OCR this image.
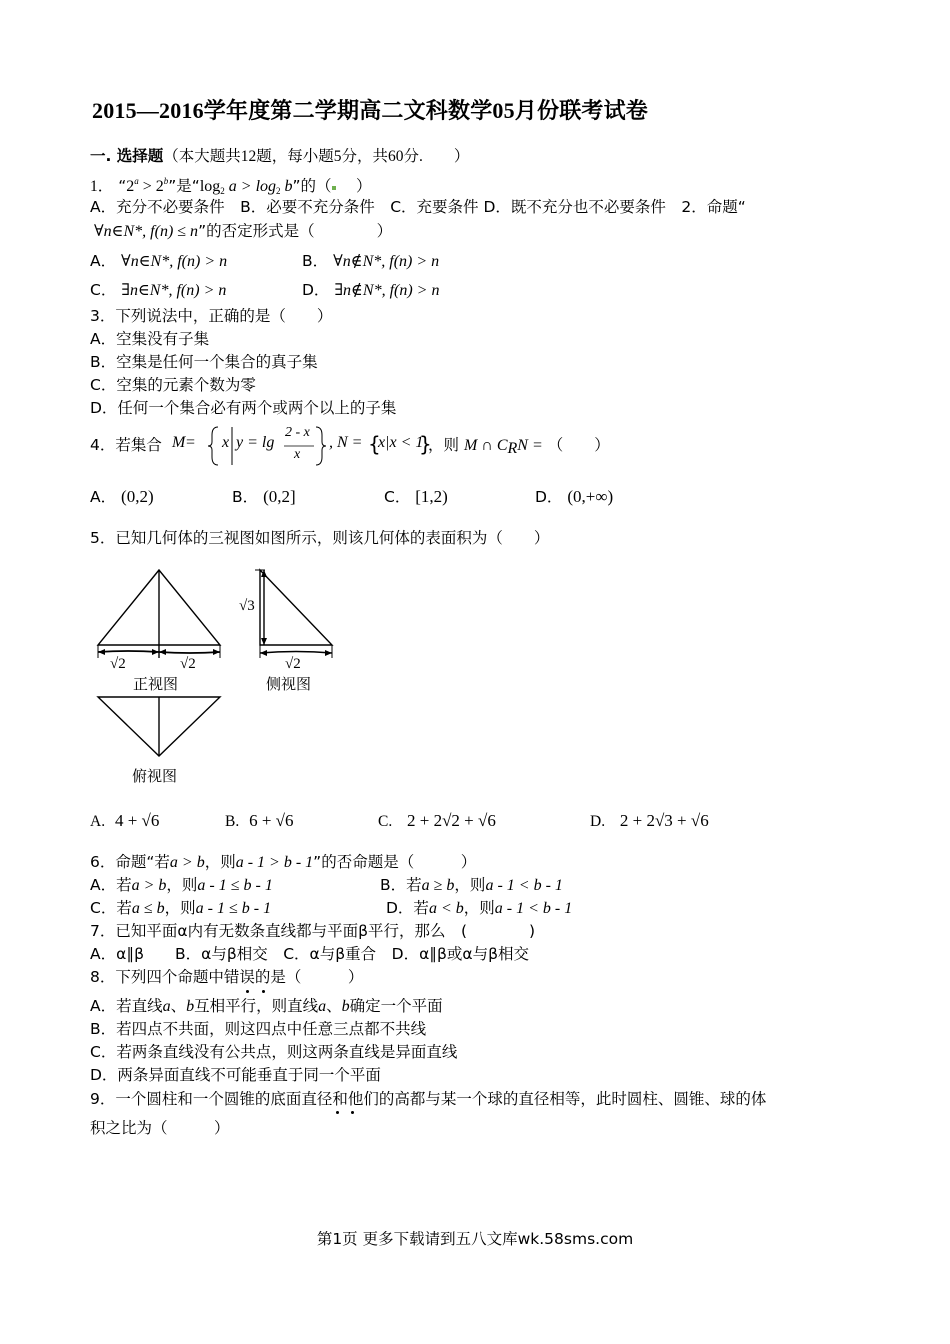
2015—2016学年度第二学期高二文科数学05月份联考试卷
一. 选择题（本大题共12题，每小题5分，共60分.　　）
1． “$2^a > 2^b$”是“$\log_2$ $a > \log_2 b$”的（　 ）
A．充分不必要条件　B．必要不充分条件　C．充要条件 D．既不充分也不必要条件　2．命题“
∀n∈N*, f(n) ≤ n”的否定形式是（　　　　）
A． ∀n∈N*, f(n) > n	B． ∀n∉N*, f(n) > n
C． ∃n∈N*, f(n) > n	D． ∃n∉N*, f(n) > n
3．下列说法中，正确的是（　　）
A．空集没有子集
B．空集是任何一个集合的真子集
C．空集的元素个数为零
D．任何一个集合必有两个或两个以上的子集
4．若集合 M = x y = lg
2 - x
x
, N = {
x|x < 1
}
，则 M ∩ $C_RN$ = （　　）
A． (0,2)	B． (0,2]	C． [1,2)	D． (0,+∞)
5．已知几何体的三视图如图所示，则该几何体的表面积为（　　）
√2	√2
√3
√2
正视图	侧视图
俯视图
A. 4 + √6	B. 6 + √6	C. 2 + 2√2 + √6	D. 2 + 2√3 + √6
6．命题“若a > b，则a - 1 > b - 1”的否命题是（　　　）
A．若a > b，则a - 1 ≤ b - 1	B．若a ≥ b，则a - 1 < b - 1
C．若a ≤ b，则a - 1 ≤ b - 1	D．若a < b，则a - 1 < b - 1
7．已知平面α内有无数条直线都与平面β平行，那么　(　　　　)
A．α∥β　　B．α与β相交　C．α与β重合　D．α∥β或α与β相交
8．下列四个命题中错误的是（　　　）
A．若直线a、b互相平行，则直线a、b确定一个平面
B．若四点不共面，则这四点中任意三点都不共线
C．若两条直线没有公共点，则这两条直线是异面直线
D．两条异面直线不可能垂直于同一个平面
9．一个圆柱和一个圆锥的底面直径和他们的高都与某一个球的直径相等，此时圆柱、圆锥、球的体
积之比为（　　　）
第1页 更多下载请到五八文库wk.58sms.com
